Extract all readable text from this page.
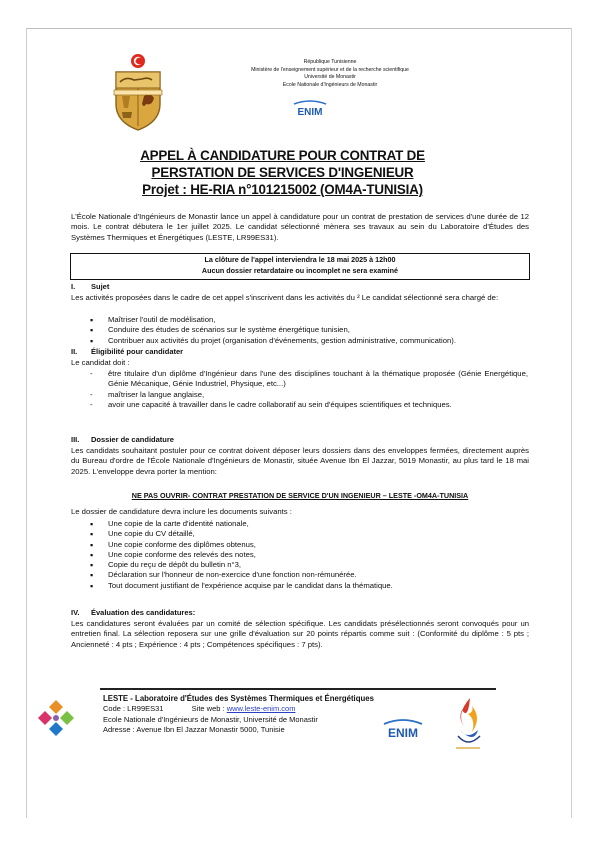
République Tunisienne
Ministère de l'enseignement supérieur et de la recherche scientifique
Université de Monastir
Ecole Nationale d'Ingénieurs de Monastir
ENIM
APPEL À CANDIDATURE POUR CONTRAT DE
PERSTATION DE SERVICES D'INGENIEUR
Projet : HE-RIA n°101215002 (OM4A-TUNISIA)
L'École Nationale d'Ingénieurs de Monastir lance un appel à candidature pour un contrat de prestation de services d'une durée de 12 mois. Le contrat débutera le 1er juillet 2025. Le candidat sélectionné mènera ses travaux au sein du Laboratoire d'Études des Systèmes Thermiques et Énergétiques (LESTE, LR99ES31).
La clôture de l'appel interviendra le 18 mai 2025 à 12h00
Aucun dossier retardataire ou incomplet ne sera examiné
I. Sujet
Les activités proposées dans le cadre de cet appel s'inscrivent dans les activités du ² Le candidat sélectionné sera chargé de:
▪ Maîtriser l'outil de modélisation,
▪ Conduire des études de scénarios sur le système énergétique tunisien,
▪ Contribuer aux activités du projet (organisation d'événements, gestion administrative, communication).
II. Éligibilité pour candidater
Le candidat doit :
- être titulaire d'un diplôme d'Ingénieur dans l'une des disciplines touchant à la thématique proposée (Génie Energétique, Génie Mécanique, Génie Industriel, Physique, etc...)
- maîtriser la langue anglaise,
- avoir une capacité à travailler dans le cadre collaboratif au sein d'équipes scientifiques et techniques.
III. Dossier de candidature
Les candidats souhaitant postuler pour ce contrat doivent déposer leurs dossiers dans des enveloppes fermées, directement auprès du Bureau d'ordre de l'École Nationale d'Ingénieurs de Monastir, située Avenue Ibn El Jazzar, 5019 Monastir, au plus tard le 18 mai 2025. L'enveloppe devra porter la mention:
NE PAS OUVRIR- CONTRAT PRESTATION DE SERVICE D'UN INGENIEUR – LESTE -OM4A-TUNISIA
Le dossier de candidature devra inclure les documents suivants :
▪ Une copie de la carte d'identité nationale,
▪ Une copie du CV détaillé,
▪ Une copie conforme des diplômes obtenus,
▪ Une copie conforme des relevés des notes,
▪ Copie du reçu de dépôt du bulletin n°3,
▪ Déclaration sur l'honneur de non-exercice d'une fonction non-rémunérée.
▪ Tout document justifiant de l'expérience acquise par le candidat dans la thématique.
IV. Évaluation des candidatures:
Les candidatures seront évaluées par un comité de sélection spécifique. Les candidats présélectionnés seront convoqués pour un entretien final. La sélection reposera sur une grille d'évaluation sur 20 points répartis comme suit : (Conformité du diplôme : 5 pts ; Ancienneté : 4 pts ; Expérience : 4 pts ; Compétences spécifiques : 7 pts).
LESTE - Laboratoire d'Études des Systèmes Thermiques et Énergétiques
Code : LR99ES31	Site web : www.leste-enim.com
Ecole Nationale d'Ingénieurs de Monastir, Université de Monastir
Adresse : Avenue Ibn El Jazzar Monastir 5000, Tunisie	ENIM
